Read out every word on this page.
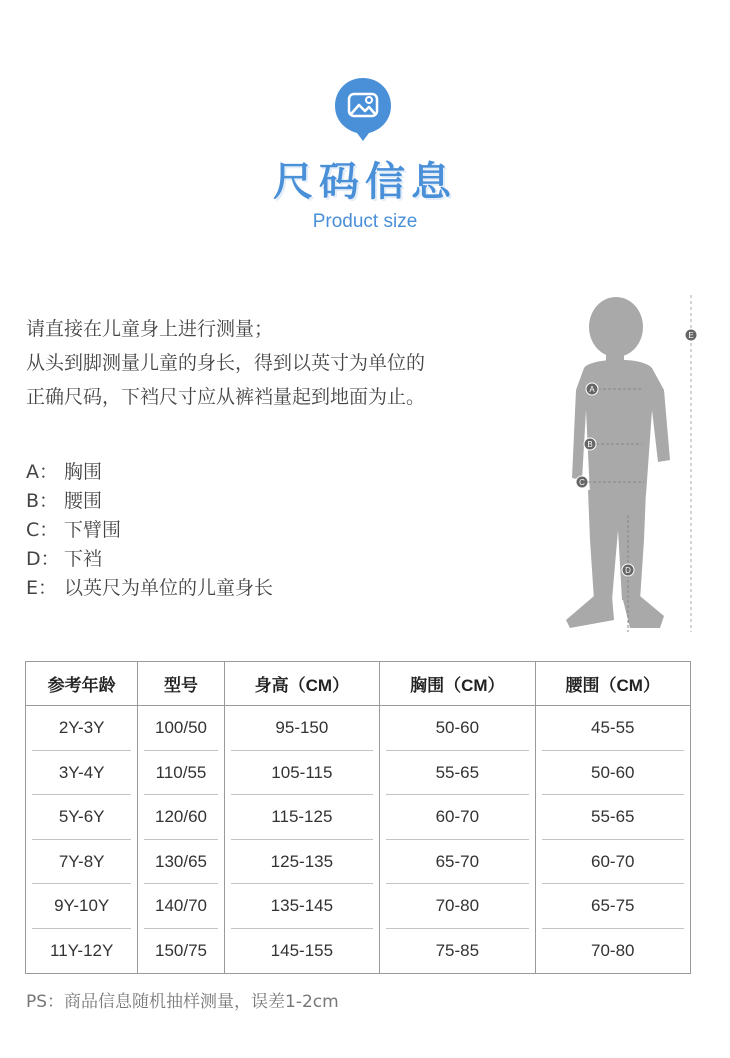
尺码信息
Product size
请直接在儿童身上进行测量；
从头到脚测量儿童的身长，得到以英寸为单位的
正确尺码，下裆尺寸应从裤裆量起到地面为止。
A： 胸围
B： 腰围
C： 下臂围
D： 下裆
E： 以英尺为单位的儿童身长
A
B
C
D
E
参考年龄	型号	身高（CM）	胸围（CM）	腰围（CM）
2Y-3Y	100/50	95-150	50-60	45-55
3Y-4Y	110/55	105-115	55-65	50-60
5Y-6Y	120/60	115-125	60-70	55-65
7Y-8Y	130/65	125-135	65-70	60-70
9Y-10Y	140/70	135-145	70-80	65-75
11Y-12Y	150/75	145-155	75-85	70-80
PS：商品信息随机抽样测量，误差1-2cm
